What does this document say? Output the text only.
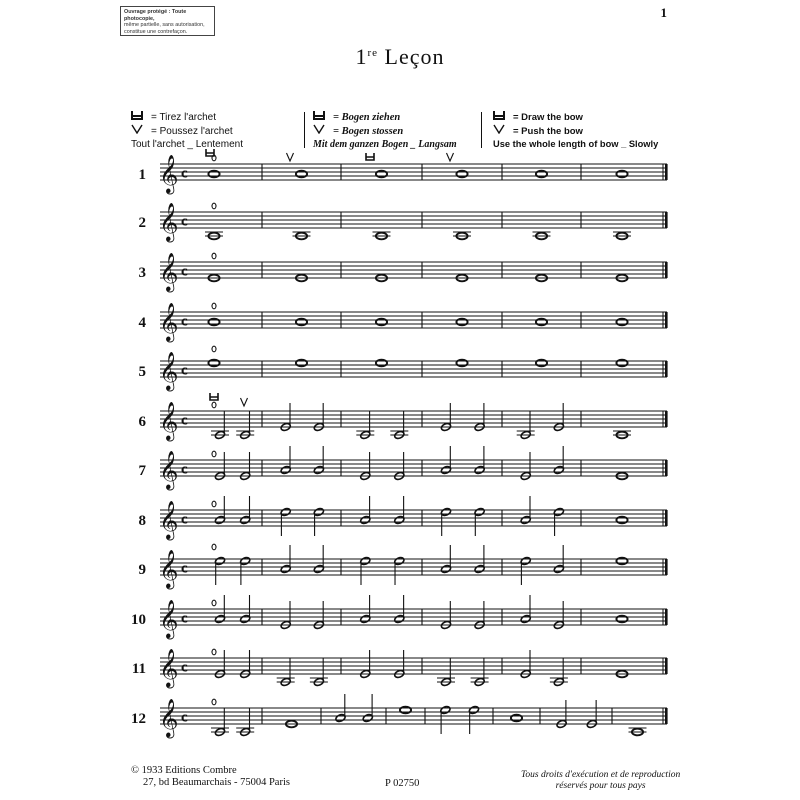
Ouvrage protégé : Toute photocopie,
même partielle, sans autorisation,
constitue une contrefaçon.
1
1re Leçon
= Tirez l'archet
= Poussez l'archet
= Bogen ziehen
= Bogen stossen
= Draw the bow
= Push the bow
Tout l'archet _ Lentement	Mit dem ganzen Bogen _ Langsam	Use the whole length of bow _ Slowly
1 𝄞 c
2 𝄞 c
3 𝄞 c
4 𝄞 c
5 𝄞 c
6 𝄞 c
7 𝄞 c
8 𝄞 c
9 𝄞 c
10 𝄞 c
11 𝄞 c
12 𝄞 c
© 1933 Editions Combre
27, bd Beaumarchais - 75004 Paris	P 02750
Tous droits d'exécution et de reproduction
réservés pour tous pays
